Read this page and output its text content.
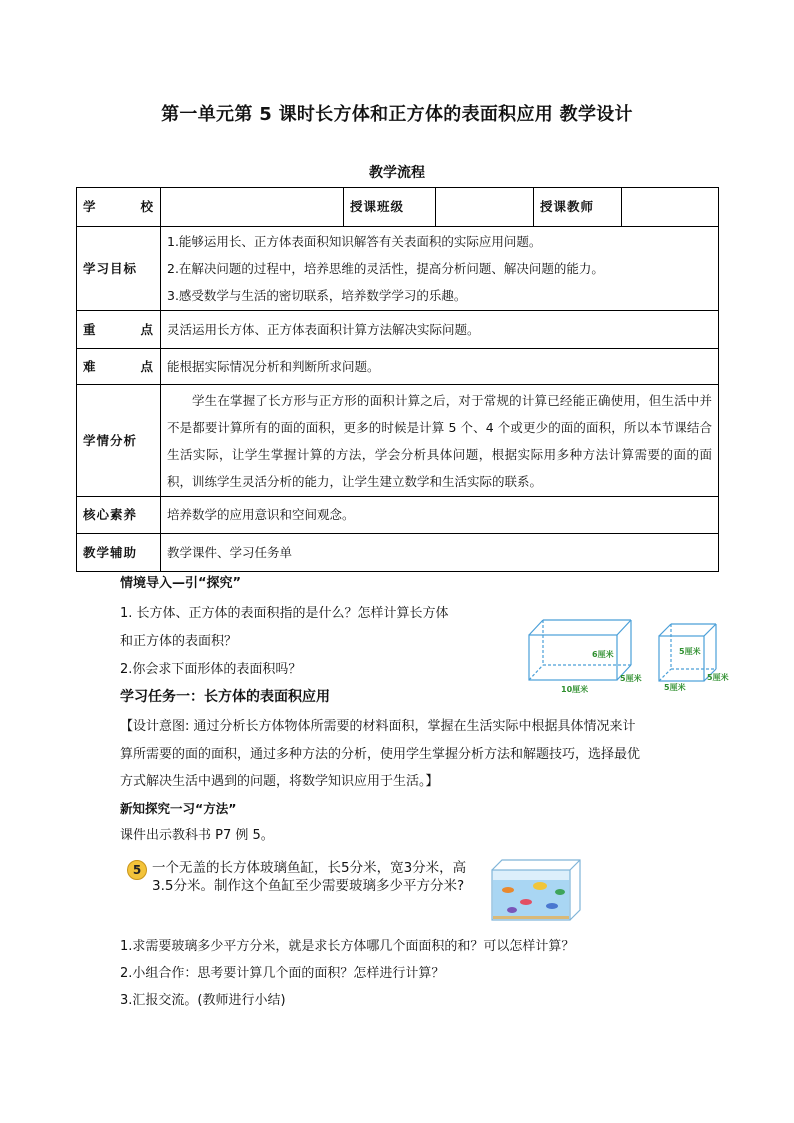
第一单元第 5 课时长方体和正方体的表面积应用 教学设计
教学流程
学 校		授课班级		授课教师	
学习目标	1.能够运用长、正方体表面积知识解答有关表面积的实际应用问题。
2.在解决问题的过程中，培养思维的灵活性，提高分析问题、解决问题的能力。
3.感受数学与生活的密切联系，培养数学学习的乐趣。				

重 点	灵活运用长方体、正方体表面积计算方法解决实际问题。				

难 点	能根据实际情况分析和判断所求问题。				
学情分析	学生在掌握了长方形与正方形的面积计算之后，对于常规的计算已经能正确使用，但生活中并不是都要计算所有的面的面积，更多的时候是计算 5 个、4 个或更少的面的面积，所以本节课结合生活实际，让学生掌握计算的方法，学会分析具体问题，根据实际用多种方法计算需要的面的面积，训练学生灵活分析的能力，让学生建立数学和生活实际的联系。				

核心素养	培养数学的应用意识和空间观念。				
教学辅助	教学课件、学习任务单				
情境导入—引“探究”
1. 长方体、正方体的表面积指的是什么？怎样计算长方体
和正方体的表面积？
2.你会求下面形体的表面积吗？
6厘米
5厘米
10厘米
5厘米
5厘米
5厘米
学习任务一：长方体的表面积应用
【设计意图: 通过分析长方体物体所需要的材料面积，掌握在生活实际中根据具体情况来计
算所需要的面的面积，通过多种方法的分析，使用学生掌握分析方法和解题技巧，选择最优
方式解决生活中遇到的问题，将数学知识应用于生活。】
新知探究一习“方法”
课件出示教科书 P7 例 5。
5 一个无盖的长方体玻璃鱼缸，长5分米，宽3分米，高
3.5分米。制作这个鱼缸至少需要玻璃多少平方分米?
1.求需要玻璃多少平方分米，就是求长方体哪几个面面积的和？可以怎样计算？
2.小组合作：思考要计算几个面的面积？怎样进行计算？
3.汇报交流。(教师进行小结)
